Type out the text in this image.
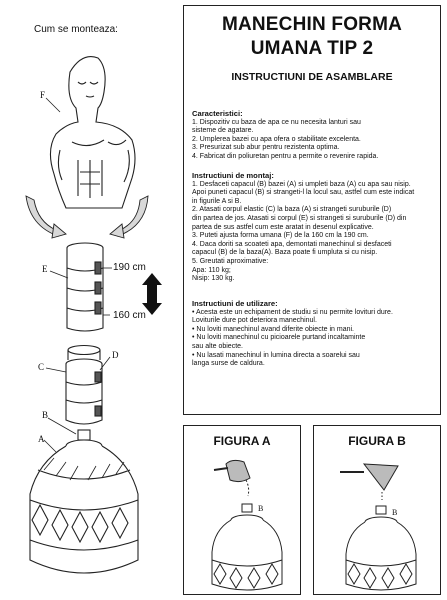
Cum se monteaza:
F
E	190 cm
160 cm
D
C
B
A
MANECHIN FORMA
UMANA TIP 2
INSTRUCTIUNI DE ASAMBLARE
Caracteristici:
1. Dispozitiv cu baza de apa ce nu necesita lanturi sau
sisteme de agatare.
2. Umplerea bazei cu apa ofera o stabilitate excelenta.
3. Presurizat sub abur pentru rezistenta optima.
4. Fabricat din poliuretan pentru a permite o revenire rapida.
Instructiuni de montaj:
1. Desfaceti capacul (B) bazei (A) si umpleti baza (A) cu apa sau nisip.
Apoi puneti capacul (B) si strangeti-l la locul sau, astfel cum este indicat
in figurile A si B.
2. Atasati corpul elastic (C) la baza (A) si strangeti suruburile (D)
din partea de jos. Atasati si corpul (E) si strangeti si suruburile (D) din
partea de sus astfel cum este aratat in desenul explicative.
3. Puteti ajusta forma umana (F) de la 160 cm la 190 cm.
4. Daca doriti sa scoateti apa, demontati manechinul si desfaceti
capacul (B) de la baza(A). Baza poate fi umpluta si cu nisip.
5. Greutati aproximative:
Apa: 110 kg;
Nisip: 130 kg.
Instructiuni de utilizare:
• Acesta este un echipament de studiu si nu permite lovituri dure.
Loviturile dure pot deteriora manechinul.
• Nu loviti manechinul avand diferite obiecte in mani.
• Nu loviti manechinul cu picioarele purtand incaltaminte
sau alte obiecte.
• Nu lasati manechinul in lumina directa a soarelui sau
langa surse de caldura.
FIGURA A
B
FIGURA B
B
